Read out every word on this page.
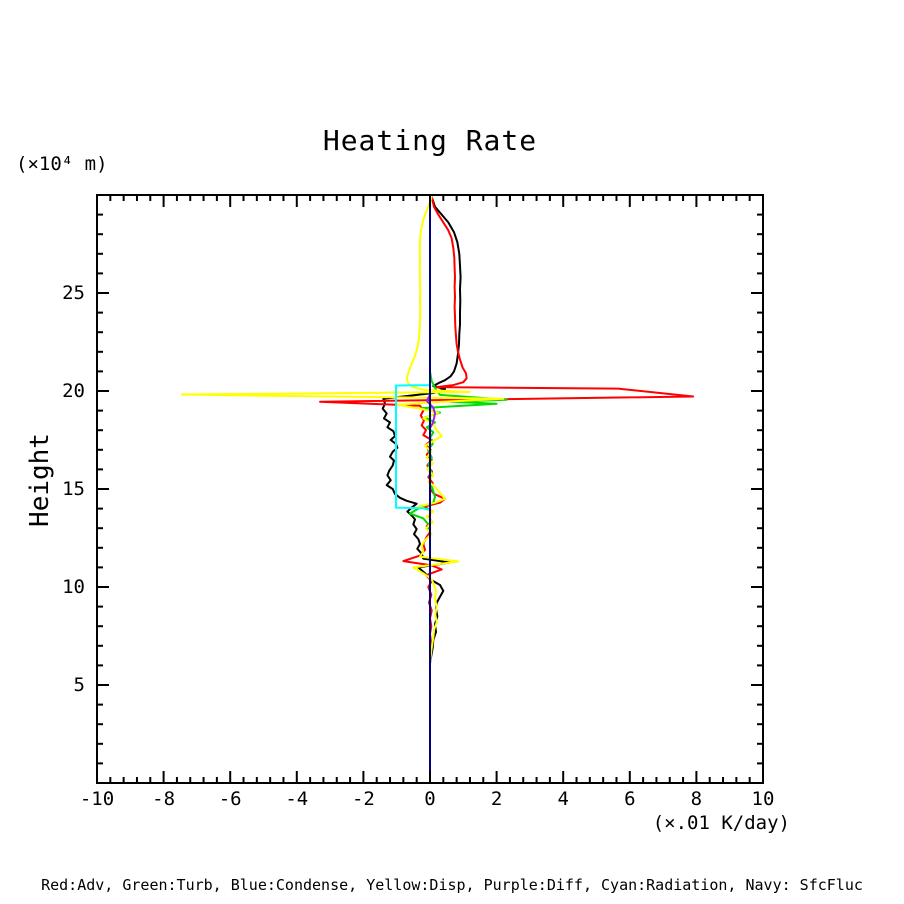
Heating Rate
(×10⁴ m)
Height
(×.01 K/day)
Red:Adv, Green:Turb, Blue:Condense, Yellow:Disp, Purple:Diff, Cyan:Radiation, Navy: SfcFluc
-10 -8 -6 -4 -2	0	2	4	6	8	10
5
10
15
20
25
